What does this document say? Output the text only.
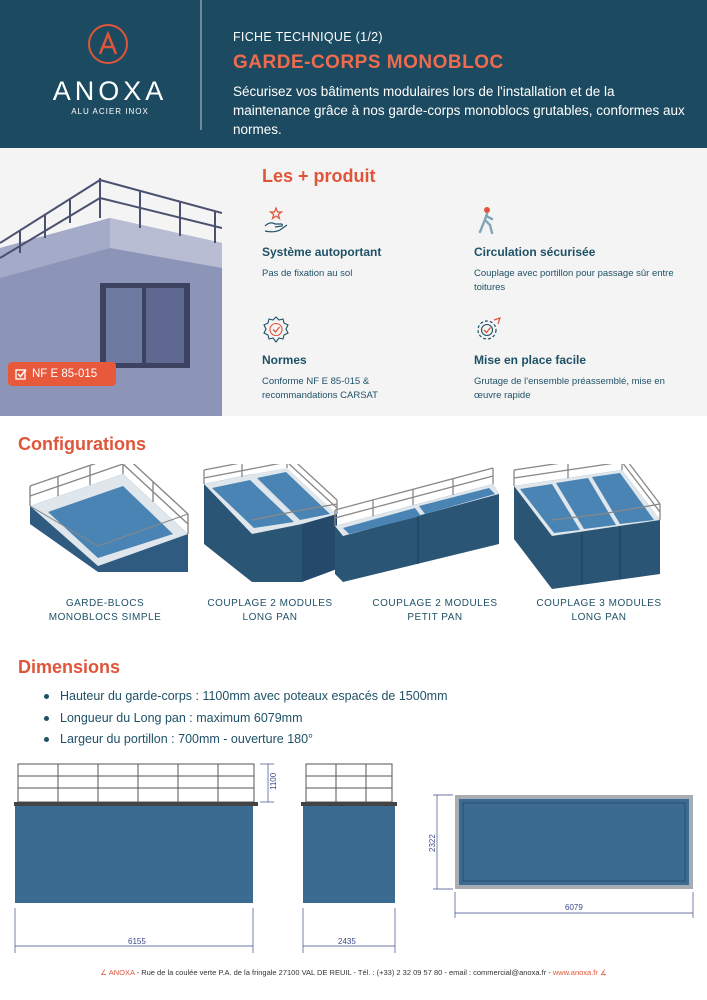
ANOXA
ALU ACIER INOX
FICHE TECHNIQUE (1/2)
GARDE-CORPS MONOBLOC
Sécurisez vos bâtiments modulaires lors de l'installation et de la maintenance grâce à nos garde-corps monoblocs grutables, conformes aux normes.
NF E 85-015
Les + produit
Système autoportant
Pas de fixation au sol
Circulation sécurisée
Couplage avec portillon pour passage sûr entre toitures
Normes
Conforme NF E 85-015 & recommandations CARSAT
Mise en place facile
Grutage de l'ensemble préassemblé, mise en œuvre rapide
Configurations
GARDE-BLOCS
MONOBLOCS SIMPLE
COUPLAGE 2 MODULES
LONG PAN
COUPLAGE 2 MODULES
PETIT PAN
COUPLAGE 3 MODULES
LONG PAN
Dimensions
Hauteur du garde-corps : 1100mm avec poteaux espacés de 1500mm
Longueur du Long pan : maximum 6079mm
Largeur du portillon : 700mm - ouverture 180°
6155
1100
2435
2322
6079
∠ ANOXA - Rue de la coulée verte P.A. de la fringale 27100 VAL DE REUIL - Tél. : (+33) 2 32 09 57 80 - email : commercial@anoxa.fr - www.anoxa.fr ∡
